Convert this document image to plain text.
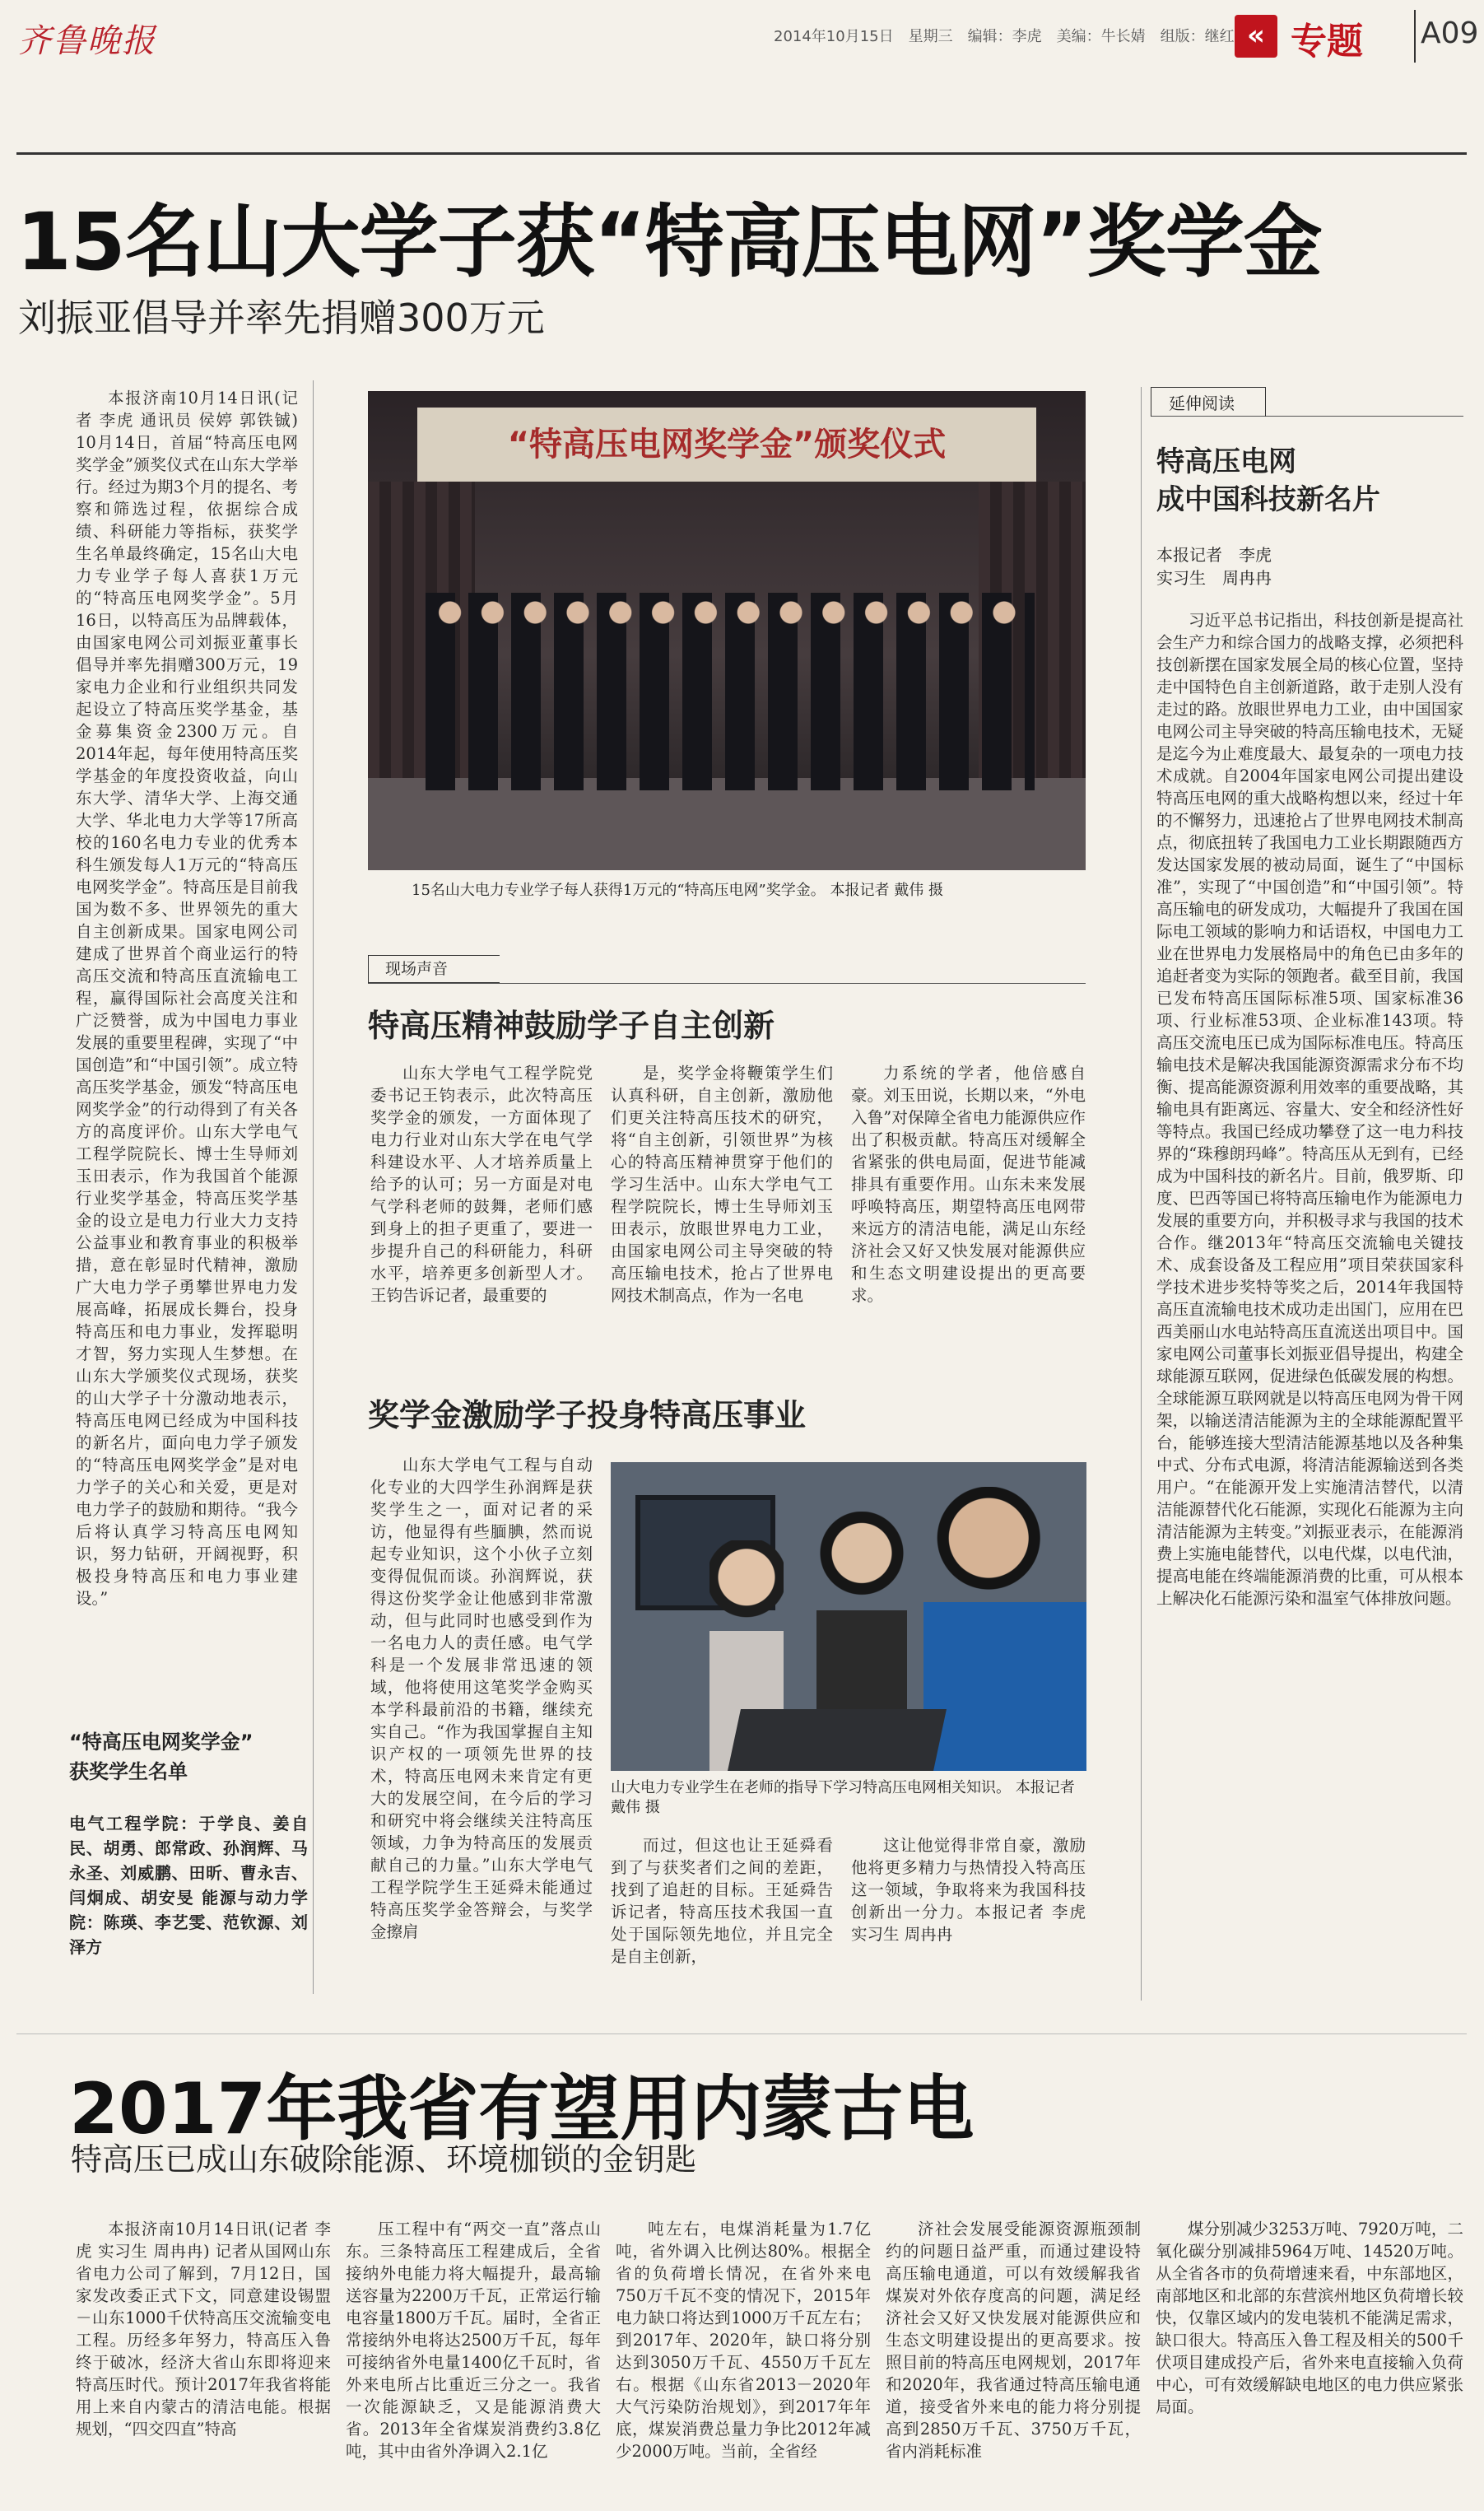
齐鲁晚报	2014年10月15日　星期三　编辑：李虎　美编：牛长婧　组版：继红 « 专题 A09
15名山大学子获“特高压电网”奖学金
刘振亚倡导并率先捐赠300万元

本报济南10月14日讯(记者 李虎 通讯员 侯婷 郭铁铖) 10月14日，首届“特高压电网奖学金”颁奖仪式在山东大学举行。经过为期3个月的提名、考察和筛选过程，依据综合成绩、科研能力等指标，获奖学生名单最终确定，15名山大电力专业学子每人喜获1万元的“特高压电网奖学金”。5月16日，以特高压为品牌载体，由国家电网公司刘振亚董事长倡导并率先捐赠300万元，19家电力企业和行业组织共同发起设立了特高压奖学基金，基金募集资金2300万元。自2014年起，每年使用特高压奖学基金的年度投资收益，向山东大学、清华大学、上海交通大学、华北电力大学等17所高校的160名电力专业的优秀本科生颁发每人1万元的“特高压电网奖学金”。特高压是目前我国为数不多、世界领先的重大自主创新成果。国家电网公司建成了世界首个商业运行的特高压交流和特高压直流输电工程，赢得国际社会高度关注和广泛赞誉，成为中国电力事业发展的重要里程碑，实现了“中国创造”和“中国引领”。成立特高压奖学基金，颁发“特高压电网奖学金”的行动得到了有关各方的高度评价。山东大学电气工程学院院长、博士生导师刘玉田表示，作为我国首个能源行业奖学基金，特高压奖学基金的设立是电力行业大力支持公益事业和教育事业的积极举措，意在彰显时代精神，激励广大电力学子勇攀世界电力发展高峰，拓展成长舞台，投身特高压和电力事业，发挥聪明才智，努力实现人生梦想。在山东大学颁奖仪式现场，获奖的山大学子十分激动地表示，特高压电网已经成为中国科技的新名片，面向电力学子颁发的“特高压电网奖学金”是对电力学子的关心和关爱，更是对电力学子的鼓励和期待。“我今后将认真学习特高压电网知识，努力钻研，开阔视野，积极投身特高压和电力事业建设。”

“特高压电网奖学金”
获奖学生名单
电气工程学院：于学良、姜自民、胡勇、郎常政、孙润辉、马永圣、刘威鹏、田昕、曹永吉、闫炯成、胡安旻 能源与动力学院：陈瑛、李艺雯、范钦源、刘泽方
“特高压电网奖学金”颁奖仪式
15名山大电力专业学子每人获得1万元的“特高压电网”奖学金。 本报记者 戴伟 摄
现场声音
特高压精神鼓励学子自主创新

山东大学电气工程学院党委书记王钧表示，此次特高压奖学金的颁发，一方面体现了电力行业对山东大学在电气学科建设水平、人才培养质量上给予的认可；另一方面是对电气学科老师的鼓舞，老师们感到身上的担子更重了，要进一步提升自己的科研能力，科研水平，培养更多创新型人才。王钧告诉记者，最重要的

是，奖学金将鞭策学生们认真科研，自主创新，激励他们更关注特高压技术的研究，将“自主创新，引领世界”为核心的特高压精神贯穿于他们的学习生活中。山东大学电气工程学院院长，博士生导师刘玉田表示，放眼世界电力工业，由国家电网公司主导突破的特高压输电技术，抢占了世界电网技术制高点，作为一名电

力系统的学者，他倍感自豪。刘玉田说，长期以来，“外电入鲁”对保障全省电力能源供应作出了积极贡献。特高压对缓解全省紧张的供电局面，促进节能减排具有重要作用。山东未来发展呼唤特高压，期望特高压电网带来远方的清洁电能，满足山东经济社会又好又快发展对能源供应和生态文明建设提出的更高要求。

奖学金激励学子投身特高压事业

山东大学电气工程与自动化专业的大四学生孙润辉是获奖学生之一，面对记者的采访，他显得有些腼腆，然而说起专业知识，这个小伙子立刻变得侃侃而谈。孙润辉说，获得这份奖学金让他感到非常激动，但与此同时也感受到作为一名电力人的责任感。电气学科是一个发展非常迅速的领域，他将使用这笔奖学金购买本学科最前沿的书籍，继续充实自己。“作为我国掌握自主知识产权的一项领先世界的技术，特高压电网未来肯定有更大的发展空间，在今后的学习和研究中将会继续关注特高压领域，力争为特高压的发展贡献自己的力量。”山东大学电气工程学院学生王延舜未能通过特高压奖学金答辩会，与奖学金擦肩

山大电力专业学生在老师的指导下学习特高压电网相关知识。 本报记者 戴伟 摄

而过，但这也让王延舜看到了与获奖者们之间的差距，找到了追赶的目标。王延舜告诉记者，特高压技术我国一直处于国际领先地位，并且完全是自主创新，

这让他觉得非常自豪，激励他将更多精力与热情投入特高压这一领域，争取将来为我国科技创新出一分力。本报记者 李虎 实习生 周冉冉

延伸阅读
特高压电网
成中国科技新名片
本报记者　李虎
实习生　周冉冉

习近平总书记指出，科技创新是提高社会生产力和综合国力的战略支撑，必须把科技创新摆在国家发展全局的核心位置，坚持走中国特色自主创新道路，敢于走别人没有走过的路。放眼世界电力工业，由中国国家电网公司主导突破的特高压输电技术，无疑是迄今为止难度最大、最复杂的一项电力技术成就。自2004年国家电网公司提出建设特高压电网的重大战略构想以来，经过十年的不懈努力，迅速抢占了世界电网技术制高点，彻底扭转了我国电力工业长期跟随西方发达国家发展的被动局面，诞生了“中国标准”，实现了“中国创造”和“中国引领”。特高压输电的研发成功，大幅提升了我国在国际电工领域的影响力和话语权，中国电力工业在世界电力发展格局中的角色已由多年的追赶者变为实际的领跑者。截至目前，我国已发布特高压国际标准5项、国家标准36项、行业标准53项、企业标准143项。特高压交流电压已成为国际标准电压。特高压输电技术是解决我国能源资源需求分布不均衡、提高能源资源利用效率的重要战略，其输电具有距离远、容量大、安全和经济性好等特点。我国已经成功攀登了这一电力科技界的“珠穆朗玛峰”。特高压从无到有，已经成为中国科技的新名片。目前，俄罗斯、印度、巴西等国已将特高压输电作为能源电力发展的重要方向，并积极寻求与我国的技术合作。继2013年“特高压交流输电关键技术、成套设备及工程应用”项目荣获国家科学技术进步奖特等奖之后，2014年我国特高压直流输电技术成功走出国门，应用在巴西美丽山水电站特高压直流送出项目中。国家电网公司董事长刘振亚倡导提出，构建全球能源互联网，促进绿色低碳发展的构想。全球能源互联网就是以特高压电网为骨干网架，以输送清洁能源为主的全球能源配置平台，能够连接大型清洁能源基地以及各种集中式、分布式电源，将清洁能源输送到各类用户。“在能源开发上实施清洁替代，以清洁能源替代化石能源，实现化石能源为主向清洁能源为主转变。”刘振亚表示，在能源消费上实施电能替代，以电代煤，以电代油，提高电能在终端能源消费的比重，可从根本上解决化石能源污染和温室气体排放问题。

2017年我省有望用内蒙古电
特高压已成山东破除能源、环境枷锁的金钥匙

本报济南10月14日讯(记者 李虎 实习生 周冉冉) 记者从国网山东省电力公司了解到，7月12日，国家发改委正式下文，同意建设锡盟－山东1000千伏特高压交流输变电工程。历经多年努力，特高压入鲁终于破冰，经济大省山东即将迎来特高压时代。预计2017年我省将能用上来自内蒙古的清洁电能。根据规划，“四交四直”特高

压工程中有“两交一直”落点山东。三条特高压工程建成后，全省接纳外电能力将大幅提升，最高输送容量为2200万千瓦，正常运行输电容量1800万千瓦。届时，全省正常接纳外电将达2500万千瓦，每年可接纳省外电量1400亿千瓦时，省外来电所占比重近三分之一。我省一次能源缺乏，又是能源消费大省。2013年全省煤炭消费约3.8亿吨，其中由省外净调入2.1亿

吨左右，电煤消耗量为1.7亿吨，省外调入比例达80%。根据全省的负荷增长情况，在省外来电750万千瓦不变的情况下，2015年电力缺口将达到1000万千瓦左右；到2017年、2020年，缺口将分别达到3050万千瓦、4550万千瓦左右。根据《山东省2013－2020年大气污染防治规划》，到2017年年底，煤炭消费总量力争比2012年减少2000万吨。当前，全省经

济社会发展受能源资源瓶颈制约的问题日益严重，而通过建设特高压输电通道，可以有效缓解我省煤炭对外依存度高的问题，满足经济社会又好又快发展对能源供应和生态文明建设提出的更高要求。按照目前的特高压电网规划，2017年和2020年，我省通过特高压输电通道，接受省外来电的能力将分别提高到2850万千瓦、3750万千瓦，省内消耗标准

煤分别减少3253万吨、7920万吨，二氧化碳分别减排5964万吨、14520万吨。从全省各市的负荷增速来看，中东部地区，南部地区和北部的东营滨州地区负荷增长较快，仅靠区域内的发电装机不能满足需求，缺口很大。特高压入鲁工程及相关的500千伏项目建成投产后，省外来电直接输入负荷中心，可有效缓解缺电地区的电力供应紧张局面。
